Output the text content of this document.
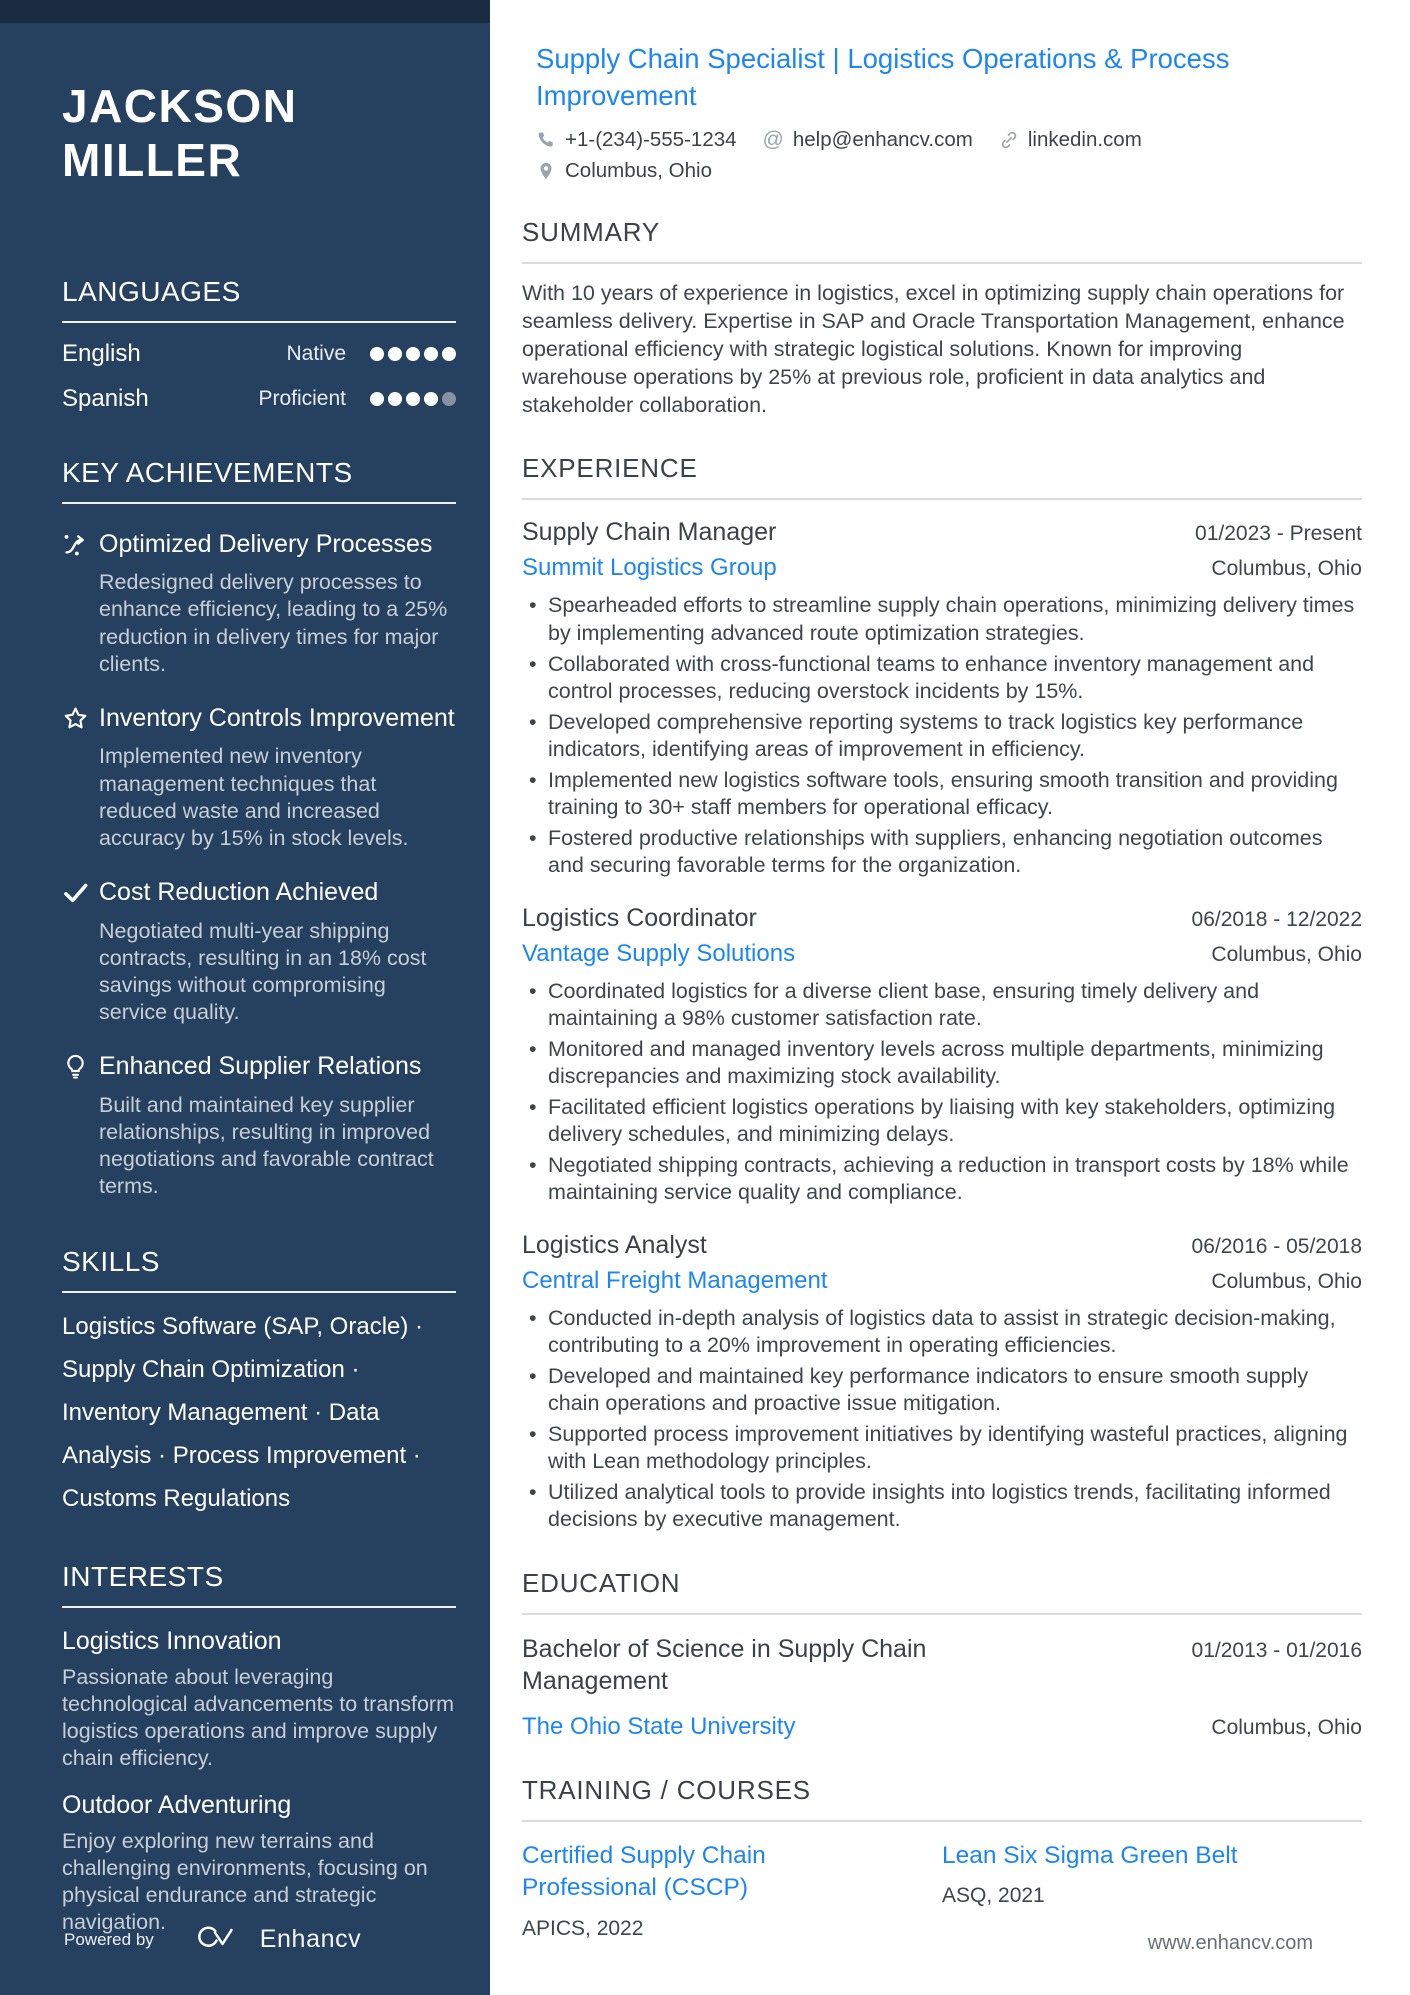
JACKSON MILLER
LANGUAGES
English	Native
Spanish	Proficient
KEY ACHIEVEMENTS
Optimized Delivery Processes
Redesigned delivery processes to enhance efficiency, leading to a 25% reduction in delivery times for major clients.
Inventory Controls Improvement
Implemented new inventory management techniques that reduced waste and increased accuracy by 15% in stock levels.
Cost Reduction Achieved
Negotiated multi-year shipping contracts, resulting in an 18% cost savings without compromising service quality.
Enhanced Supplier Relations
Built and maintained key supplier relationships, resulting in improved negotiations and favorable contract terms.
SKILLS
Logistics Software (SAP, Oracle) · Supply Chain Optimization · Inventory Management · Data Analysis · Process Improvement · Customs Regulations
INTERESTS
Logistics Innovation
Passionate about leveraging technological advancements to transform logistics operations and improve supply chain efficiency.
Outdoor Adventuring
Enjoy exploring new terrains and challenging environments, focusing on physical endurance and strategic navigation.
Powered by	Enhancv
Supply Chain Specialist | Logistics Operations & Process Improvement
+1-(234)-555-1234 @ help@enhancv.com	linkedin.com
Columbus, Ohio
SUMMARY
With 10 years of experience in logistics, excel in optimizing supply chain operations for seamless delivery. Expertise in SAP and Oracle Transportation Management, enhance operational efficiency with strategic logistical solutions. Known for improving warehouse operations by 25% at previous role, proficient in data analytics and stakeholder collaboration.
EXPERIENCE
Supply Chain Manager	01/2023 - Present
Summit Logistics Group	Columbus, Ohio
• Spearheaded efforts to streamline supply chain operations, minimizing delivery times by implementing advanced route optimization strategies.
• Collaborated with cross-functional teams to enhance inventory management and control processes, reducing overstock incidents by 15%.
• Developed comprehensive reporting systems to track logistics key performance indicators, identifying areas of improvement in efficiency.
• Implemented new logistics software tools, ensuring smooth transition and providing training to 30+ staff members for operational efficacy.
• Fostered productive relationships with suppliers, enhancing negotiation outcomes and securing favorable terms for the organization.
Logistics Coordinator	06/2018 - 12/2022
Vantage Supply Solutions	Columbus, Ohio
• Coordinated logistics for a diverse client base, ensuring timely delivery and maintaining a 98% customer satisfaction rate.
• Monitored and managed inventory levels across multiple departments, minimizing discrepancies and maximizing stock availability.
• Facilitated efficient logistics operations by liaising with key stakeholders, optimizing delivery schedules, and minimizing delays.
• Negotiated shipping contracts, achieving a reduction in transport costs by 18% while maintaining service quality and compliance.
Logistics Analyst	06/2016 - 05/2018
Central Freight Management	Columbus, Ohio
• Conducted in-depth analysis of logistics data to assist in strategic decision-making, contributing to a 20% improvement in operating efficiencies.
• Developed and maintained key performance indicators to ensure smooth supply chain operations and proactive issue mitigation.
• Supported process improvement initiatives by identifying wasteful practices, aligning with Lean methodology principles.
• Utilized analytical tools to provide insights into logistics trends, facilitating informed decisions by executive management.
EDUCATION
Bachelor of Science in Supply Chain Management
01/2013 - 01/2016
The Ohio State University	Columbus, Ohio
TRAINING / COURSES
Certified Supply Chain Professional (CSCP)
APICS, 2022
Lean Six Sigma Green Belt
ASQ, 2021
www.enhancv.com
